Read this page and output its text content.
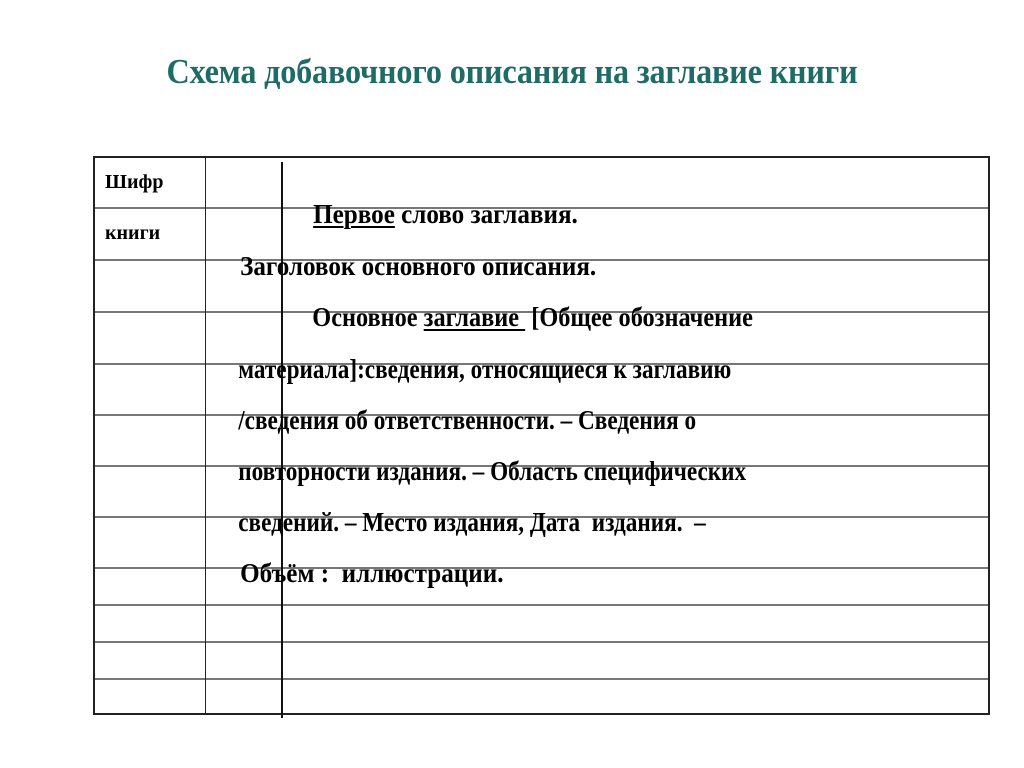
Схема добавочного описания на заглавие книги
Шифр
книги

Первое слово заглавия.

Заголовок основного описания.

Основное заглавие  [Общее обозначение

материала]:сведения, относящиеся к заглавию

/сведения об ответственности. – Сведения о

повторности издания. – Область специфических

сведений. – Место издания, Дата  издания.  –

Объём :  иллюстрации.
